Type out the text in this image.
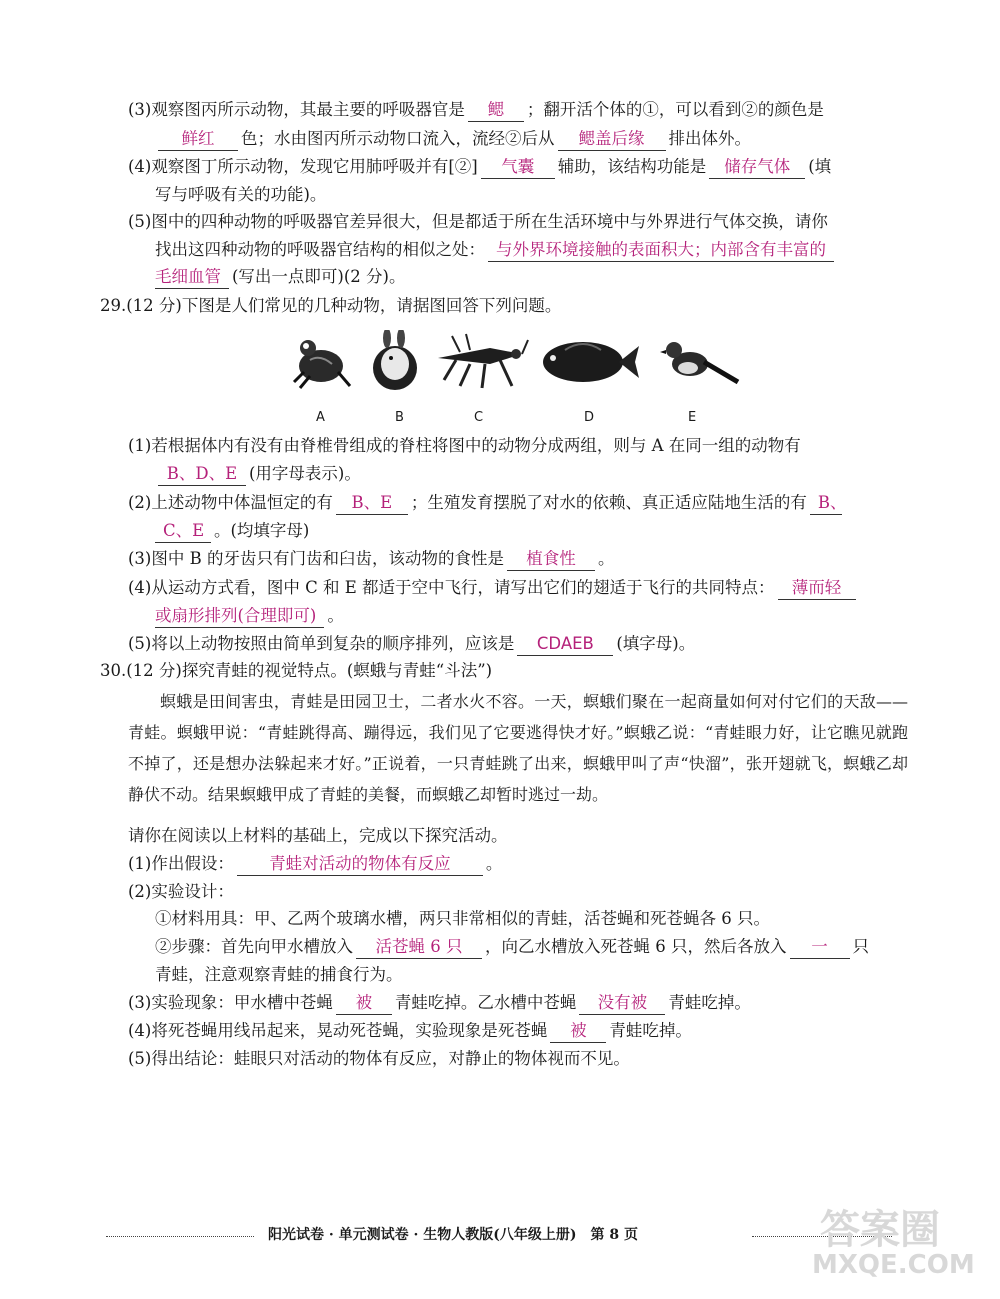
(3)观察图丙所示动物，其最主要的呼吸器官是 鳃 ；翻开活个体的①，可以看到②的颜色是
鲜红 色；水由图丙所示动物口流入，流经②后从 鳃盖后缘 排出体外。
(4)观察图丁所示动物，发现它用肺呼吸并有[②] 气囊 辅助，该结构功能是 储存气体 (填
写与呼吸有关的功能)。
(5)图中的四种动物的呼吸器官差异很大，但是都适于所在生活环境中与外界进行气体交换，请你
找出这四种动物的呼吸器官结构的相似之处： 与外界环境接触的表面积大；内部含有丰富的
毛细血管 (写出一点即可)(2 分)。
29.(12 分)下图是人们常见的几种动物，请据图回答下列问题。
A	B	C	D	E
(1)若根据体内有没有由脊椎骨组成的脊柱将图中的动物分成两组，则与 A 在同一组的动物有
B、D、E (用字母表示)。
(2)上述动物中体温恒定的有 B、E ；生殖发育摆脱了对水的依赖、真正适应陆地生活的有 B、
C、E 。(均填字母)
(3)图中 B 的牙齿只有门齿和臼齿，该动物的食性是 植食性 。
(4)从运动方式看，图中 C 和 E 都适于空中飞行，请写出它们的翅适于飞行的共同特点： 薄而轻
或扇形排列(合理即可) 。
(5)将以上动物按照由简单到复杂的顺序排列，应该是 CDAEB (填字母)。
30.(12 分)探究青蛙的视觉特点。(螟蛾与青蛙“斗法”)
螟蛾是田间害虫，青蛙是田园卫士，二者水火不容。一天，螟蛾们聚在一起商量如何对付它们的天敌——青蛙。螟蛾甲说：“青蛙跳得高、蹦得远，我们见了它要逃得快才好。”螟蛾乙说：“青蛙眼力好，让它瞧见就跑不掉了，还是想办法躲起来才好。”正说着，一只青蛙跳了出来，螟蛾甲叫了声“快溜”，张开翅就飞，螟蛾乙却静伏不动。结果螟蛾甲成了青蛙的美餐，而螟蛾乙却暂时逃过一劫。
请你在阅读以上材料的基础上，完成以下探究活动。
(1)作出假设： 青蛙对活动的物体有反应 。
(2)实验设计：
①材料用具：甲、乙两个玻璃水槽，两只非常相似的青蛙，活苍蝇和死苍蝇各 6 只。
②步骤：首先向甲水槽放入 活苍蝇 6 只 ，向乙水槽放入死苍蝇 6 只，然后各放入 一 只
青蛙，注意观察青蛙的捕食行为。
(3)实验现象：甲水槽中苍蝇 被 青蛙吃掉。乙水槽中苍蝇 没有被 青蛙吃掉。
(4)将死苍蝇用线吊起来，晃动死苍蝇，实验现象是死苍蝇 被 青蛙吃掉。
(5)得出结论：蛙眼只对活动的物体有反应，对静止的物体视而不见。
阳光试卷 · 单元测试卷 · 生物人教版(八年级上册)　第 8 页	答案圈
MXQE.COM
